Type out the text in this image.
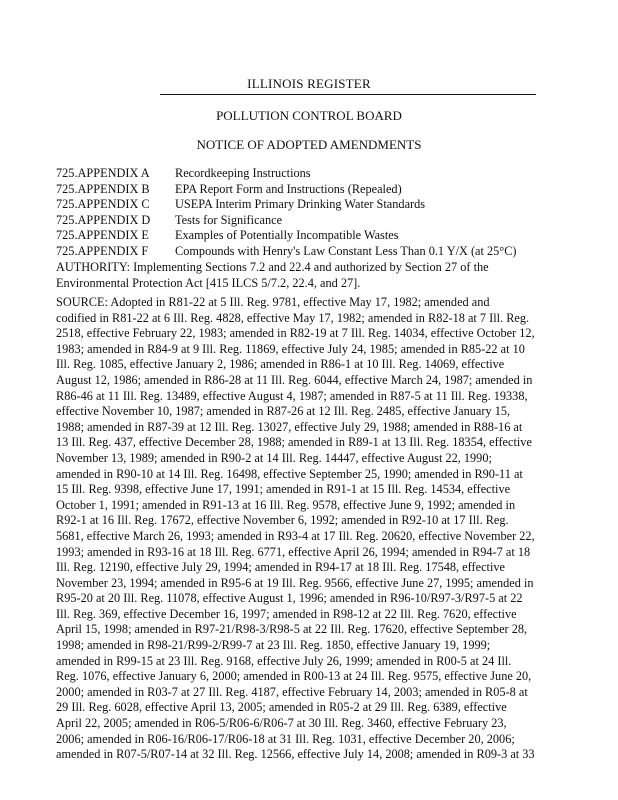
ILLINOIS REGISTER
POLLUTION CONTROL BOARD
NOTICE OF ADOPTED AMENDMENTS
725.APPENDIX A Recordkeeping Instructions
725.APPENDIX B EPA Report Form and Instructions (Repealed)
725.APPENDIX C USEPA Interim Primary Drinking Water Standards
725.APPENDIX D Tests for Significance
725.APPENDIX E Examples of Potentially Incompatible Wastes
725.APPENDIX F Compounds with Henry's Law Constant Less Than 0.1 Y/X (at 25°C)

AUTHORITY: Implementing Sections 7.2 and 22.4 and authorized by Section 27 of the

Environmental Protection Act [415 ILCS 5/7.2, 22.4, and 27].

SOURCE: Adopted in R81-22 at 5 Ill. Reg. 9781, effective May 17, 1982; amended and

codified in R81-22 at 6 Ill. Reg. 4828, effective May 17, 1982; amended in R82-18 at 7 Ill. Reg.

2518, effective February 22, 1983; amended in R82-19 at 7 Ill. Reg. 14034, effective October 12,

1983; amended in R84-9 at 9 Ill. Reg. 11869, effective July 24, 1985; amended in R85-22 at 10

Ill. Reg. 1085, effective January 2, 1986; amended in R86-1 at 10 Ill. Reg. 14069, effective

August 12, 1986; amended in R86-28 at 11 Ill. Reg. 6044, effective March 24, 1987; amended in

R86-46 at 11 Ill. Reg. 13489, effective August 4, 1987; amended in R87-5 at 11 Ill. Reg. 19338,

effective November 10, 1987; amended in R87-26 at 12 Ill. Reg. 2485, effective January 15,

1988; amended in R87-39 at 12 Ill. Reg. 13027, effective July 29, 1988; amended in R88-16 at

13 Ill. Reg. 437, effective December 28, 1988; amended in R89-1 at 13 Ill. Reg. 18354, effective

November 13, 1989; amended in R90-2 at 14 Ill. Reg. 14447, effective August 22, 1990;

amended in R90-10 at 14 Ill. Reg. 16498, effective September 25, 1990; amended in R90-11 at

15 Ill. Reg. 9398, effective June 17, 1991; amended in R91-1 at 15 Ill. Reg. 14534, effective

October 1, 1991; amended in R91-13 at 16 Ill. Reg. 9578, effective June 9, 1992; amended in

R92-1 at 16 Ill. Reg. 17672, effective November 6, 1992; amended in R92-10 at 17 Ill. Reg.

5681, effective March 26, 1993; amended in R93-4 at 17 Ill. Reg. 20620, effective November 22,

1993; amended in R93-16 at 18 Ill. Reg. 6771, effective April 26, 1994; amended in R94-7 at 18

Ill. Reg. 12190, effective July 29, 1994; amended in R94-17 at 18 Ill. Reg. 17548, effective

November 23, 1994; amended in R95-6 at 19 Ill. Reg. 9566, effective June 27, 1995; amended in

R95-20 at 20 Ill. Reg. 11078, effective August 1, 1996; amended in R96-10/R97-3/R97-5 at 22

Ill. Reg. 369, effective December 16, 1997; amended in R98-12 at 22 Ill. Reg. 7620, effective

April 15, 1998; amended in R97-21/R98-3/R98-5 at 22 Ill. Reg. 17620, effective September 28,

1998; amended in R98-21/R99-2/R99-7 at 23 Ill. Reg. 1850, effective January 19, 1999;

amended in R99-15 at 23 Ill. Reg. 9168, effective July 26, 1999; amended in R00-5 at 24 Ill.

Reg. 1076, effective January 6, 2000; amended in R00-13 at 24 Ill. Reg. 9575, effective June 20,

2000; amended in R03-7 at 27 Ill. Reg. 4187, effective February 14, 2003; amended in R05-8 at

29 Ill. Reg. 6028, effective April 13, 2005; amended in R05-2 at 29 Ill. Reg. 6389, effective

April 22, 2005; amended in R06-5/R06-6/R06-7 at 30 Ill. Reg. 3460, effective February 23,

2006; amended in R06-16/R06-17/R06-18 at 31 Ill. Reg. 1031, effective December 20, 2006;

amended in R07-5/R07-14 at 32 Ill. Reg. 12566, effective July 14, 2008; amended in R09-3 at 33
